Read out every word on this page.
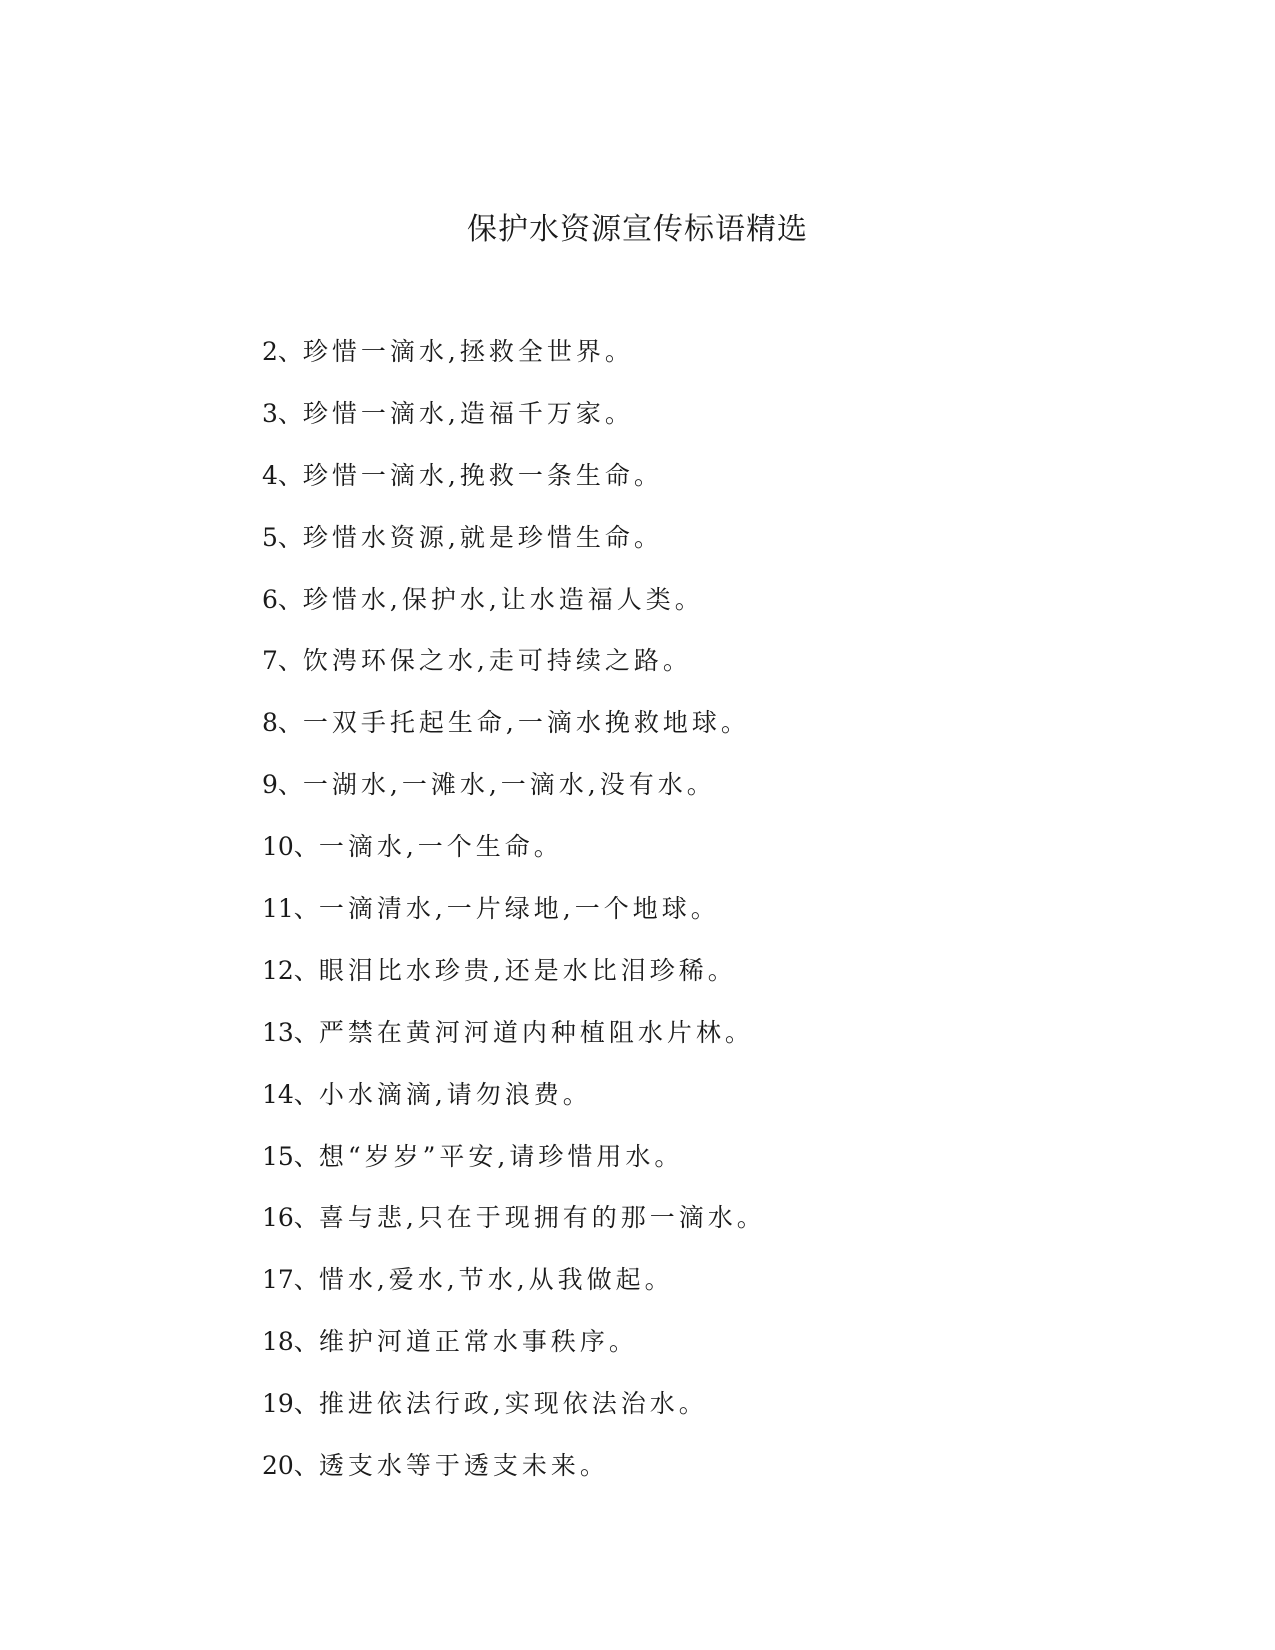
保护水资源宣传标语精选
2、珍惜一滴水,拯救全世界。
3、珍惜一滴水,造福千万家。
4、珍惜一滴水,挽救一条生命。
5、珍惜水资源,就是珍惜生命。
6、珍惜水,保护水,让水造福人类。
7、饮涄环保之水,走可持续之路。
8、一双手托起生命,一滴水挽救地球。
9、一湖水,一滩水,一滴水,没有水。
10、一滴水,一个生命。
11、一滴清水,一片绿地,一个地球。
12、眼泪比水珍贵,还是水比泪珍稀。
13、严禁在黄河河道内种植阻水片林。
14、小水滴滴,请勿浪费。
15、想“岁岁”平安,请珍惜用水。
16、喜与悲,只在于现拥有的那一滴水。
17、惜水,爱水,节水,从我做起。
18、维护河道正常水事秩序。
19、推进依法行政,实现依法治水。
20、透支水等于透支未来。
